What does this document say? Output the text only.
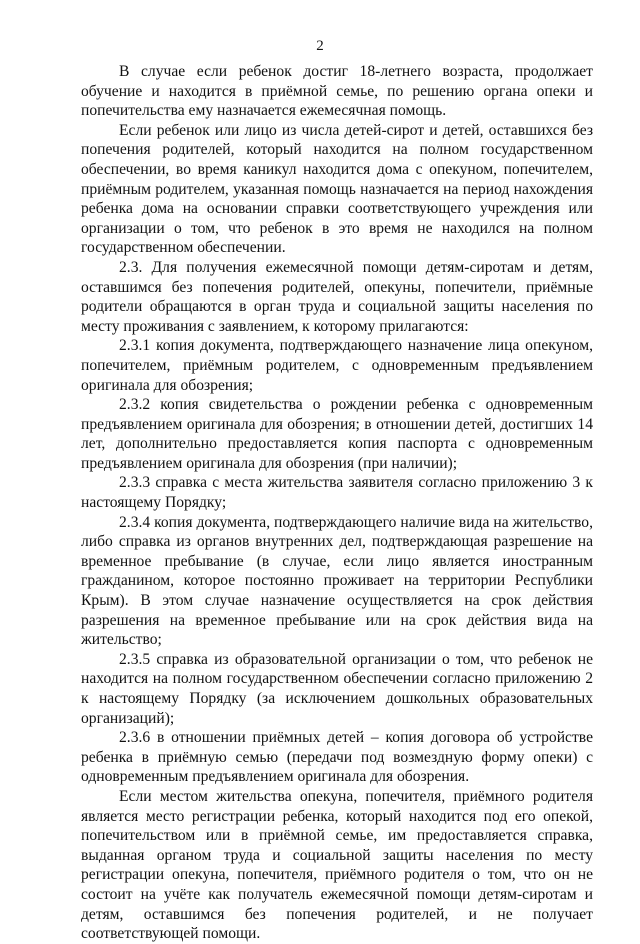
2

В случае если ребенок достиг 18-летнего возраста, продолжает обучение и находится в приёмной семье, по решению органа опеки и попечительства ему назначается ежемесячная помощь.

Если ребенок или лицо из числа детей-сирот и детей, оставшихся без попечения родителей, который находится на полном государственном обеспечении, во время каникул находится дома с опекуном, попечителем, приёмным родителем, указанная помощь назначается на период нахождения ребенка дома на основании справки соответствующего учреждения или организации о том, что ребенок в это время не находился на полном государственном обеспечении.

2.3. Для получения ежемесячной помощи детям-сиротам и детям, оставшимся без попечения родителей, опекуны, попечители, приёмные родители обращаются в орган труда и социальной защиты населения по месту проживания с заявлением, к которому прилагаются:

2.3.1 копия документа, подтверждающего назначение лица опекуном, попечителем, приёмным родителем, с одновременным предъявлением оригинала для обозрения;

2.3.2 копия свидетельства о рождении ребенка с одновременным предъявлением оригинала для обозрения; в отношении детей, достигших 14 лет, дополнительно предоставляется копия паспорта с одновременным предъявлением оригинала для обозрения (при наличии);

2.3.3 справка с места жительства заявителя согласно приложению 3 к настоящему Порядку;

2.3.4 копия документа, подтверждающего наличие вида на жительство, либо справка из органов внутренних дел, подтверждающая разрешение на временное пребывание (в случае, если лицо является иностранным гражданином, которое постоянно проживает на территории Республики Крым). В этом случае назначение осуществляется на срок действия разрешения на временное пребывание или на срок действия вида на жительство;

2.3.5 справка из образовательной организации о том, что ребенок не находится на полном государственном обеспечении согласно приложению 2 к настоящему Порядку (за исключением дошкольных образовательных организаций);

2.3.6 в отношении приёмных детей – копия договора об устройстве ребенка в приёмную семью (передачи под возмездную форму опеки) с одновременным предъявлением оригинала для обозрения.

Если местом жительства опекуна, попечителя, приёмного родителя является место регистрации ребенка, который находится под его опекой, попечительством или в приёмной семье, им предоставляется справка, выданная органом труда и социальной защиты населения по месту регистрации опекуна, попечителя, приёмного родителя о том, что он не состоит на учёте как получатель ежемесячной помощи детям-сиротам и детям, оставшимся без попечения родителей, и не получает соответствующей помощи.
